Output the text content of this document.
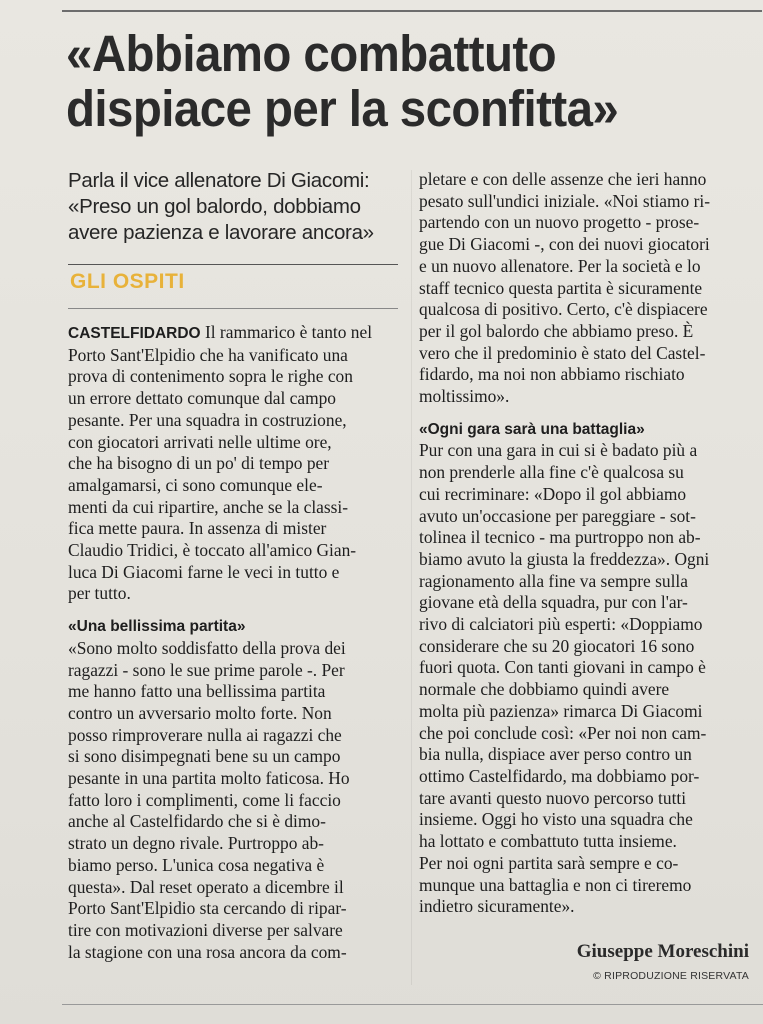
«Abbiamo combattuto
dispiace per la sconfitta»
Parla il vice allenatore Di Giacomi:
«Preso un gol balordo, dobbiamo
avere pazienza e lavorare ancora»
GLI OSPITI
CASTELFIDARDO Il rammarico è tanto nel
Porto Sant'Elpidio che ha vanificato una
prova di contenimento sopra le righe con
un errore dettato comunque dal campo
pesante. Per una squadra in costruzione,
con giocatori arrivati nelle ultime ore,
che ha bisogno di un po' di tempo per
amalgamarsi, ci sono comunque ele-
menti da cui ripartire, anche se la classi-
fica mette paura. In assenza di mister
Claudio Tridici, è toccato all'amico Gian-
luca Di Giacomi farne le veci in tutto e
per tutto.
«Una bellissima partita»
«Sono molto soddisfatto della prova dei
ragazzi - sono le sue prime parole -. Per
me hanno fatto una bellissima partita
contro un avversario molto forte. Non
posso rimproverare nulla ai ragazzi che
si sono disimpegnati bene su un campo
pesante in una partita molto faticosa. Ho
fatto loro i complimenti, come li faccio
anche al Castelfidardo che si è dimo-
strato un degno rivale. Purtroppo ab-
biamo perso. L'unica cosa negativa è
questa». Dal reset operato a dicembre il
Porto Sant'Elpidio sta cercando di ripar-
tire con motivazioni diverse per salvare
la stagione con una rosa ancora da com-
pletare e con delle assenze che ieri hanno
pesato sull'undici iniziale. «Noi stiamo ri-
partendo con un nuovo progetto - prose-
gue Di Giacomi -, con dei nuovi giocatori
e un nuovo allenatore. Per la società e lo
staff tecnico questa partita è sicuramente
qualcosa di positivo. Certo, c'è dispiacere
per il gol balordo che abbiamo preso. È
vero che il predominio è stato del Castel-
fidardo, ma noi non abbiamo rischiato
moltissimo».
«Ogni gara sarà una battaglia»
Pur con una gara in cui si è badato più a
non prenderle alla fine c'è qualcosa su
cui recriminare: «Dopo il gol abbiamo
avuto un'occasione per pareggiare - sot-
tolinea il tecnico - ma purtroppo non ab-
biamo avuto la giusta la freddezza». Ogni
ragionamento alla fine va sempre sulla
giovane età della squadra, pur con l'ar-
rivo di calciatori più esperti: «Doppiamo
considerare che su 20 giocatori 16 sono
fuori quota. Con tanti giovani in campo è
normale che dobbiamo quindi avere
molta più pazienza» rimarca Di Giacomi
che poi conclude così: «Per noi non cam-
bia nulla, dispiace aver perso contro un
ottimo Castelfidardo, ma dobbiamo por-
tare avanti questo nuovo percorso tutti
insieme. Oggi ho visto una squadra che
ha lottato e combattuto tutta insieme.
Per noi ogni partita sarà sempre e co-
munque una battaglia e non ci tireremo
indietro sicuramente».
Giuseppe Moreschini
© RIPRODUZIONE RISERVATA
